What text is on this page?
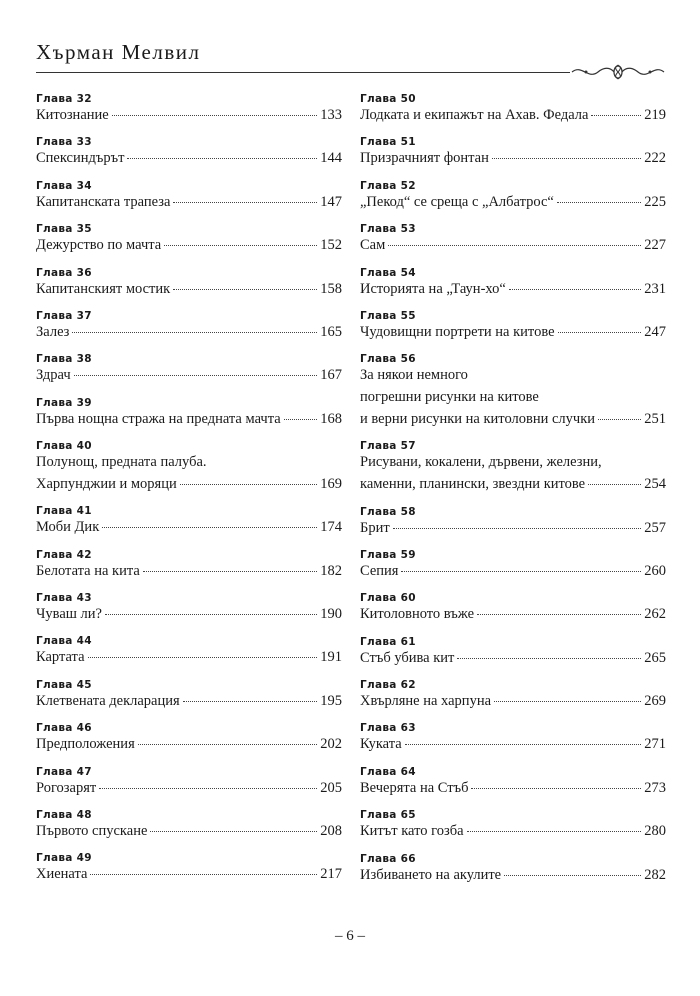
Хърман Мелвил
Глава 32
Китознание	133
Глава 33
Спексиндърът	144
Глава 34
Капитанската трапеза	147
Глава 35
Дежурство по мачта	152
Глава 36
Капитанският мостик	158
Глава 37
Залез	165
Глава 38
Здрач	167
Глава 39
Първа нощна стража на предната мачта	168
Глава 40
Полунощ, предната палуба.
Харпунджии и моряци	169
Глава 41
Моби Дик	174
Глава 42
Белотата на кита	182
Глава 43
Чуваш ли?	190
Глава 44
Картата	191
Глава 45
Клетвената декларация	195
Глава 46
Предположения	202
Глава 47
Рогозарят	205
Глава 48
Първото спускане	208
Глава 49
Хиената	217
Глава 50
Лодката и екипажът на Ахав. Федала	219
Глава 51
Призрачният фонтан	222
Глава 52
„Пекод“ се среща с „Албатрос“	225
Глава 53
Сам	227
Глава 54
Историята на „Таун-хо“	231
Глава 55
Чудовищни портрети на китове	247
Глава 56
За някои немного
погрешни рисунки на китове
и верни рисунки на китоловни случки	251
Глава 57
Рисувани, кокалени, дървени, железни,
каменни, планински, звездни китове	254
Глава 58
Брит	257
Глава 59
Сепия	260
Глава 60
Китоловното въже	262
Глава 61
Стъб убива кит	265
Глава 62
Хвърляне на харпуна	269
Глава 63
Куката	271
Глава 64
Вечерята на Стъб	273
Глава 65
Китът като гозба	280
Глава 66
Избиването на акулите	282
– 6 –
